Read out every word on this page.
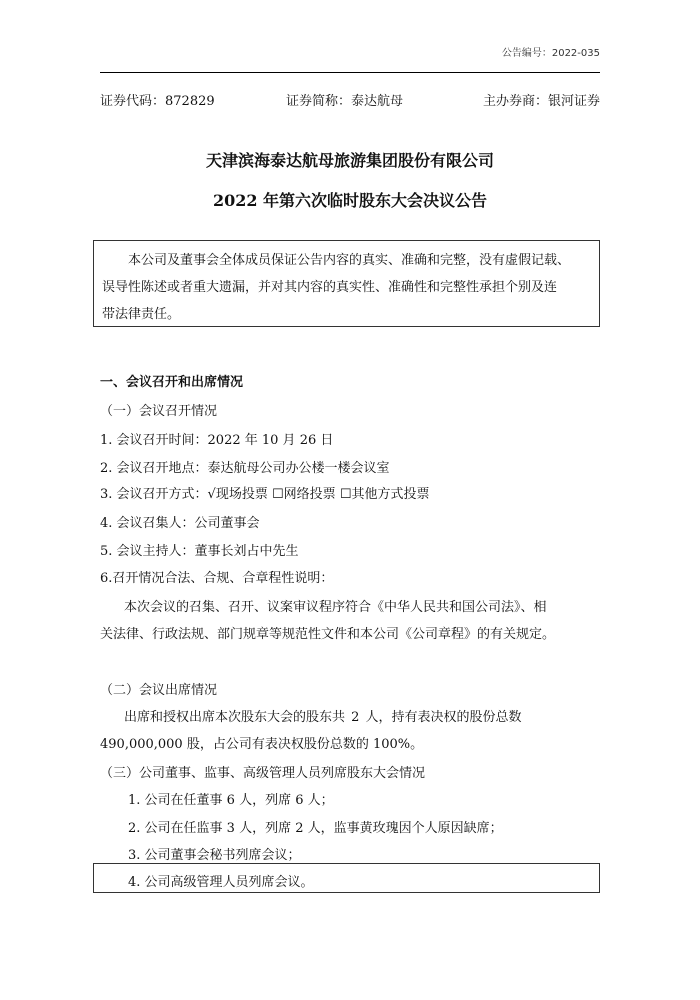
公告编号：2022-035
证券代码：872829	证券简称：泰达航母	主办券商：银河证券
天津滨海泰达航母旅游集团股份有限公司
2022 年第六次临时股东大会决议公告
本公司及董事会全体成员保证公告内容的真实、准确和完整，没有虚假记载、
误导性陈述或者重大遗漏，并对其内容的真实性、准确性和完整性承担个别及连
带法律责任。
一、会议召开和出席情况
（一）会议召开情况
1. 会议召开时间：2022 年 10 月 26 日
2. 会议召开地点：泰达航母公司办公楼一楼会议室
3. 会议召开方式：√现场投票 ☐网络投票 ☐其他方式投票
4. 会议召集人：公司董事会
5. 会议主持人：董事长刘占中先生
6.召开情况合法、合规、合章程性说明：
本次会议的召集、召开、议案审议程序符合《中华人民共和国公司法》、相
关法律、行政法规、部门规章等规范性文件和本公司《公司章程》的有关规定。
（二）会议出席情况
出席和授权出席本次股东大会的股东共 2 人，持有表决权的股份总数
490,000,000 股，占公司有表决权股份总数的 100%。
（三）公司董事、监事、高级管理人员列席股东大会情况
1. 公司在任董事 6 人，列席 6 人；
2. 公司在任监事 3 人，列席 2 人，监事黄玫瑰因个人原因缺席；
3. 公司董事会秘书列席会议；
4. 公司高级管理人员列席会议。
